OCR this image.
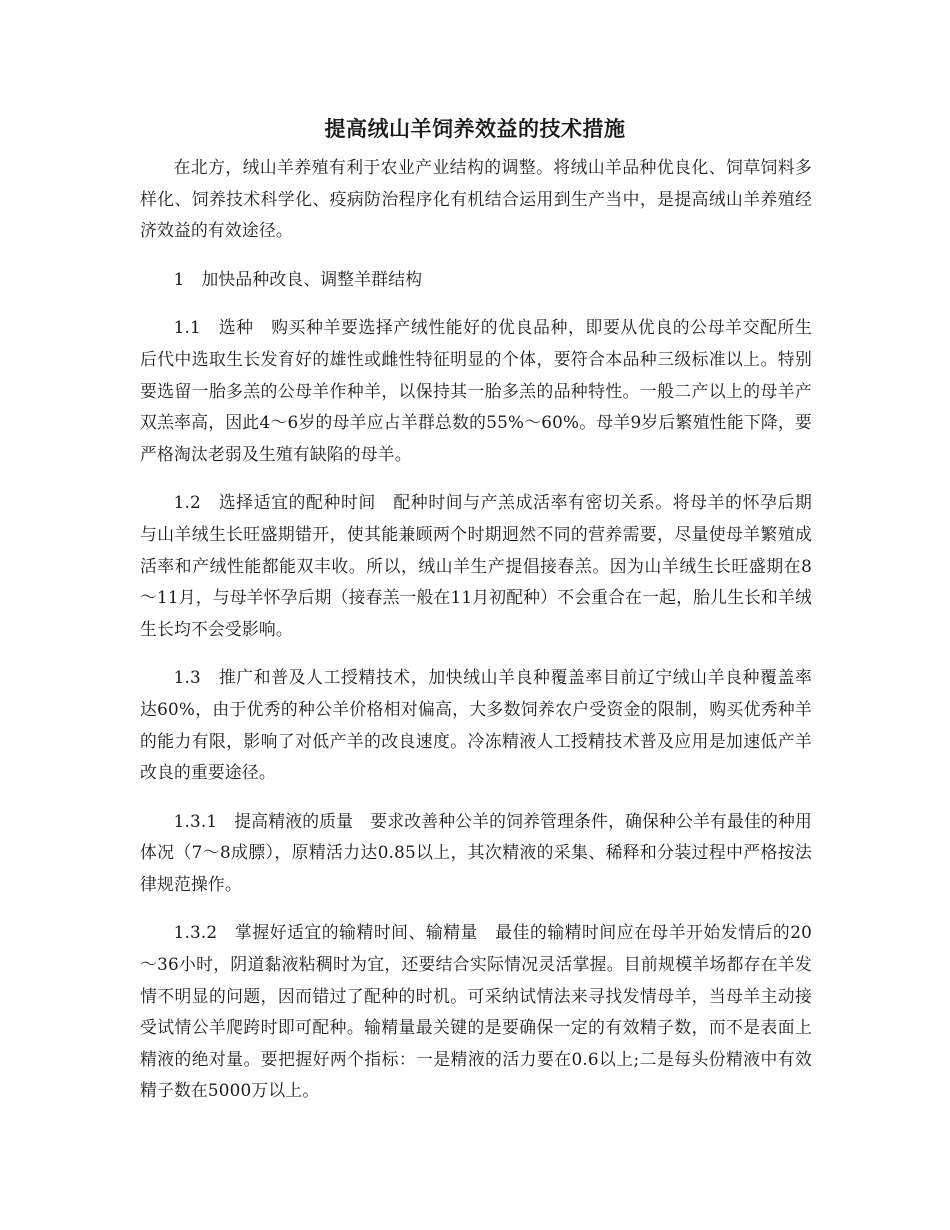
提高绒山羊饲养效益的技术措施

在北方，绒山羊养殖有利于农业产业结构的调整。将绒山羊品种优良化、饲草饲料多样化、饲养技术科学化、疫病防治程序化有机结合运用到生产当中，是提高绒山羊养殖经济效益的有效途径。

1　加快品种改良、调整羊群结构

1.1　选种　购买种羊要选择产绒性能好的优良品种，即要从优良的公母羊交配所生后代中选取生长发育好的雄性或雌性特征明显的个体，要符合本品种三级标准以上。特别要选留一胎多羔的公母羊作种羊，以保持其一胎多羔的品种特性。一般二产以上的母羊产双羔率高，因此4～6岁的母羊应占羊群总数的55%～60%。母羊9岁后繁殖性能下降，要严格淘汰老弱及生殖有缺陷的母羊。

1.2　选择适宜的配种时间　配种时间与产羔成活率有密切关系。将母羊的怀孕后期与山羊绒生长旺盛期错开，使其能兼顾两个时期迥然不同的营养需要，尽量使母羊繁殖成活率和产绒性能都能双丰收。所以，绒山羊生产提倡接春羔。因为山羊绒生长旺盛期在8～11月，与母羊怀孕后期（接春羔一般在11月初配种）不会重合在一起，胎儿生长和羊绒生长均不会受影响。

1.3　推广和普及人工授精技术，加快绒山羊良种覆盖率目前辽宁绒山羊良种覆盖率达60%，由于优秀的种公羊价格相对偏高，大多数饲养农户受资金的限制，购买优秀种羊的能力有限，影响了对低产羊的改良速度。冷冻精液人工授精技术普及应用是加速低产羊改良的重要途径。

1.3.1　提高精液的质量　要求改善种公羊的饲养管理条件，确保种公羊有最佳的种用体况（7～8成膘），原精活力达0.85以上，其次精液的采集、稀释和分装过程中严格按法律规范操作。

1.3.2　掌握好适宜的输精时间、输精量　最佳的输精时间应在母羊开始发情后的20～36小时，阴道黏液粘稠时为宜，还要结合实际情况灵活掌握。目前规模羊场都存在羊发情不明显的问题，因而错过了配种的时机。可采纳试情法来寻找发情母羊，当母羊主动接受试情公羊爬跨时即可配种。输精量最关键的是要确保一定的有效精子数，而不是表面上精液的绝对量。要把握好两个指标：一是精液的活力要在0.6以上;二是每头份精液中有效精子数在5000万以上。
